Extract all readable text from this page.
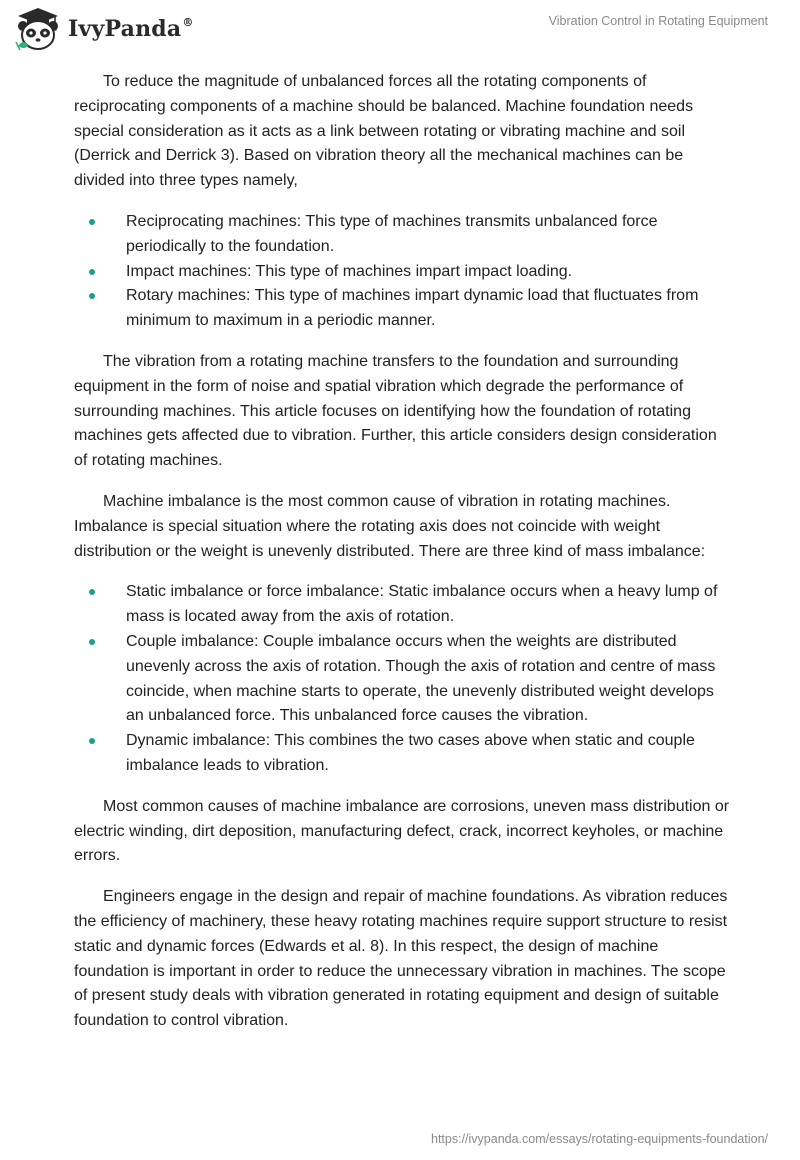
IvyPanda®	Vibration Control in Rotating Equipment

To reduce the magnitude of unbalanced forces all the rotating components of reciprocating components of a machine should be balanced. Machine foundation needs special consideration as it acts as a link between rotating or vibrating machine and soil (Derrick and Derrick 3). Based on vibration theory all the mechanical machines can be divided into three types namely,

Reciprocating machines: This type of machines transmits unbalanced force periodically to the foundation.
Impact machines: This type of machines impart impact loading.
Rotary machines: This type of machines impart dynamic load that fluctuates from minimum to maximum in a periodic manner.

The vibration from a rotating machine transfers to the foundation and surrounding equipment in the form of noise and spatial vibration which degrade the performance of surrounding machines. This article focuses on identifying how the foundation of rotating machines gets affected due to vibration. Further, this article considers design consideration of rotating machines.

Machine imbalance is the most common cause of vibration in rotating machines. Imbalance is special situation where the rotating axis does not coincide with weight distribution or the weight is unevenly distributed. There are three kind of mass imbalance:

Static imbalance or force imbalance: Static imbalance occurs when a heavy lump of mass is located away from the axis of rotation.
Couple imbalance: Couple imbalance occurs when the weights are distributed unevenly across the axis of rotation. Though the axis of rotation and centre of mass coincide, when machine starts to operate, the unevenly distributed weight develops an unbalanced force. This unbalanced force causes the vibration.
Dynamic imbalance: This combines the two cases above when static and couple imbalance leads to vibration.

Most common causes of machine imbalance are corrosions, uneven mass distribution or electric winding, dirt deposition, manufacturing defect, crack, incorrect keyholes, or machine errors.

Engineers engage in the design and repair of machine foundations. As vibration reduces the efficiency of machinery, these heavy rotating machines require support structure to resist static and dynamic forces (Edwards et al. 8). In this respect, the design of machine foundation is important in order to reduce the unnecessary vibration in machines. The scope of present study deals with vibration generated in rotating equipment and design of suitable foundation to control vibration.

https://ivypanda.com/essays/rotating-equipments-foundation/
